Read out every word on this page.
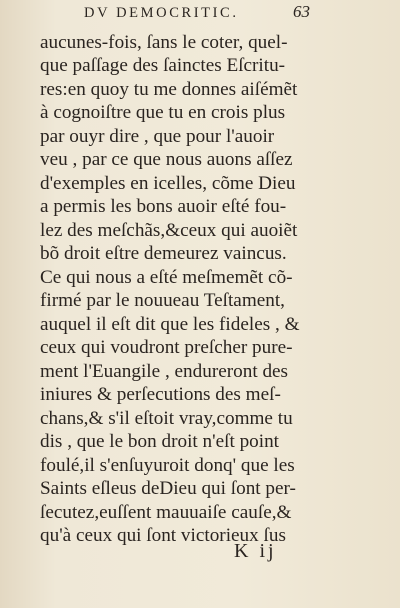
DV DEMOCRITIC.	63
aucunes-fois, ſans le coter, quel-
que paſſage des ſainctes Eſcritu-
res:en quoy tu me donnes aiſémẽt
à cognoiſtre que tu en crois plus
par ouyr dire , que pour l'auoir
veu , par ce que nous auons aſſez
d'exemples en icelles, cõme Dieu
a permis les bons auoir eſté fou-
lez des meſchãs,&ceux qui auoiẽt
bõ droit eſtre demeurez vaincus.
Ce qui nous a eſté meſmemẽt cõ-
firmé par le nouueau Teſtament,
auquel il eſt dit que les fideles , &
ceux qui voudront preſcher pure-
ment l'Euangile , endureront des
iniures & perſecutions des meſ-
chans,& s'il eſtoit vray,comme tu
dis , que le bon droit n'eſt point
foulé,il s'enſuyuroit donq' que les
Saints eſleus deDieu qui ſont per-
ſecutez,euſſent mauuaiſe cauſe,&
qu'à ceux qui ſont victorieux ſus
K ij
